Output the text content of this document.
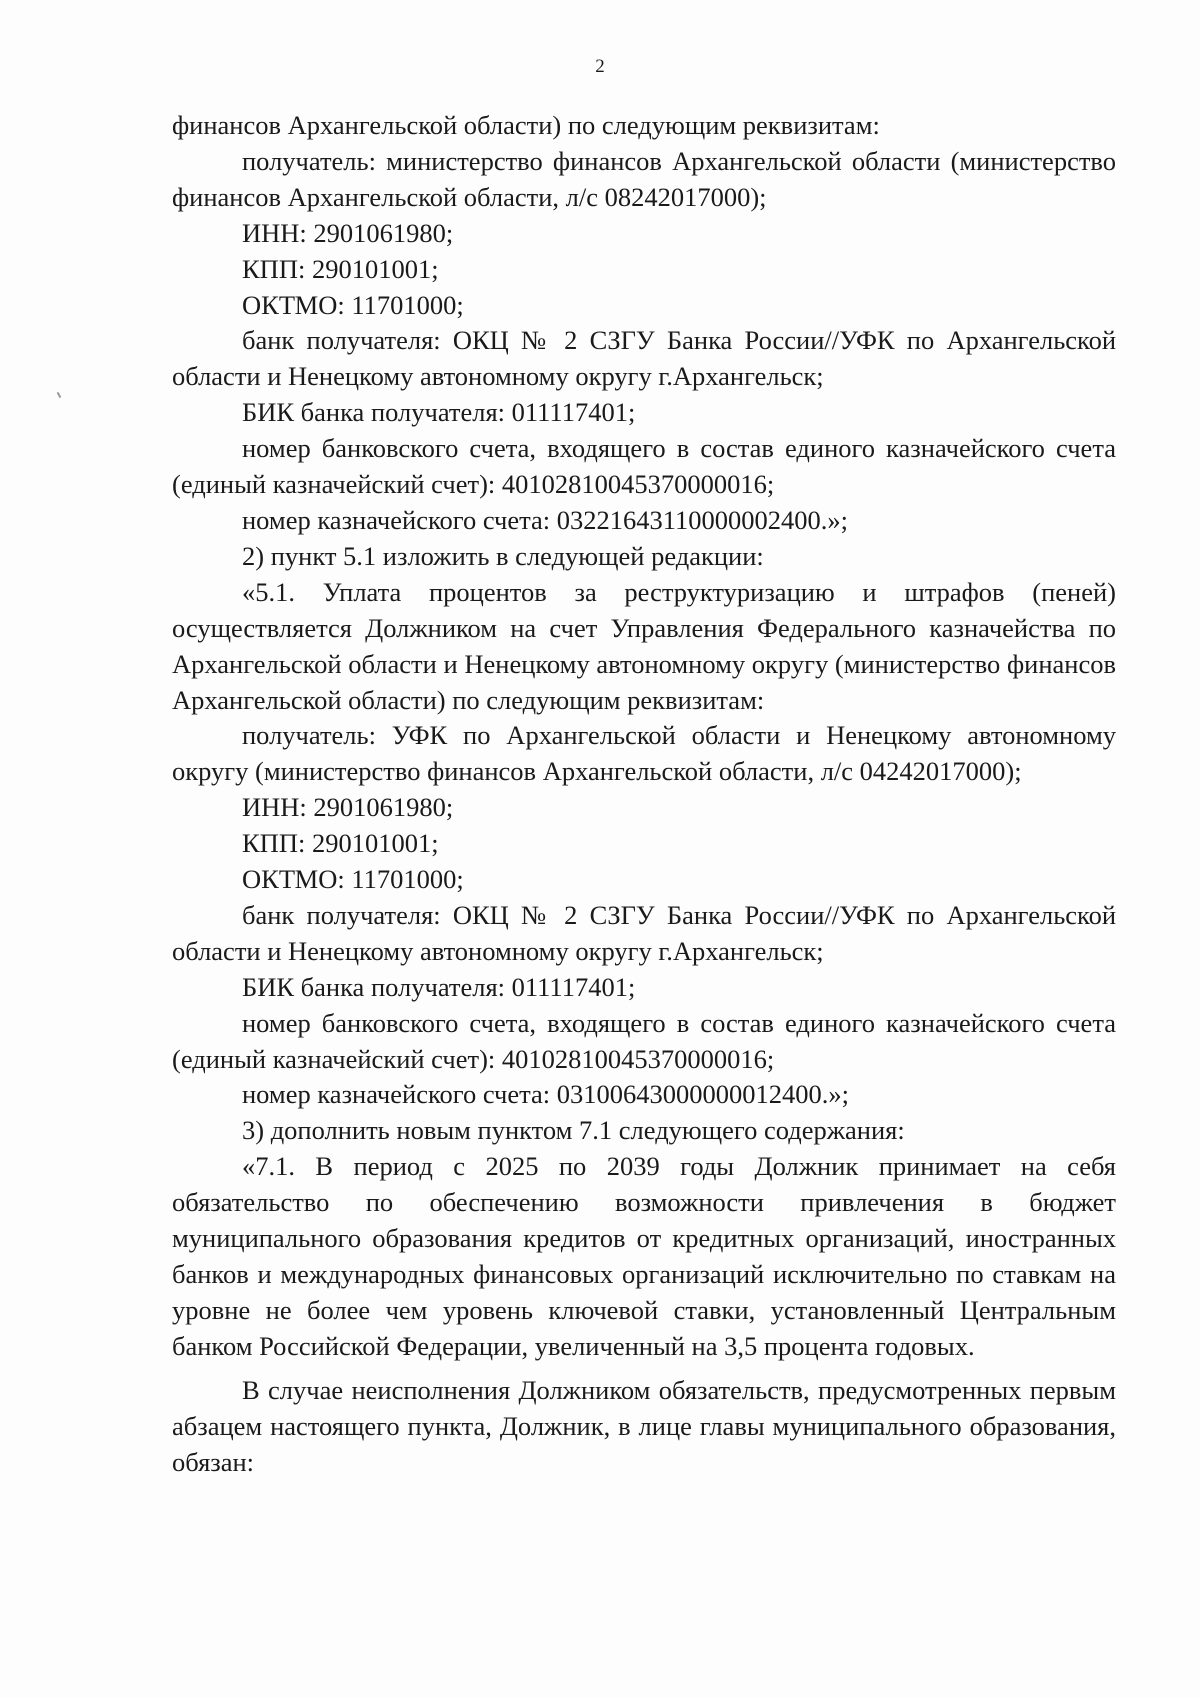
2

финансов Архангельской области) по следующим реквизитам:

получатель: министерство финансов Архангельской области (министерство финансов Архангельской области, л/с 08242017000);

ИНН: 2901061980;

КПП: 290101001;

ОКТМО: 11701000;

банк получателя: ОКЦ № 2 СЗГУ Банка России//УФК по Архангельской области и Ненецкому автономному округу г.Архангельск;

БИК банка получателя: 011117401;

номер банковского счета, входящего в состав единого казначейского счета (единый казначейский счет): 40102810045370000016;

номер казначейского счета: 03221643110000002400.»;

2) пункт 5.1 изложить в следующей редакции:

«5.1. Уплата процентов за реструктуризацию и штрафов (пеней) осуществляется Должником на счет Управления Федерального казначейства по Архангельской области и Ненецкому автономному округу (министерство финансов Архангельской области) по следующим реквизитам:

получатель: УФК по Архангельской области и Ненецкому автономному округу (министерство финансов Архангельской области, л/с 04242017000);

ИНН: 2901061980;

КПП: 290101001;

ОКТМО: 11701000;

банк получателя: ОКЦ № 2 СЗГУ Банка России//УФК по Архангельской области и Ненецкому автономному округу г.Архангельск;

БИК банка получателя: 011117401;

номер банковского счета, входящего в состав единого казначейского счета (единый казначейский счет): 40102810045370000016;

номер казначейского счета: 03100643000000012400.»;

3) дополнить новым пунктом 7.1 следующего содержания:

«7.1. В период с 2025 по 2039 годы Должник принимает на себя обязательство по обеспечению возможности привлечения в бюджет муниципального образования кредитов от кредитных организаций, иностранных банков и международных финансовых организаций исключительно по ставкам на уровне не более чем уровень ключевой ставки, установленный Центральным банком Российской Федерации, увеличенный на 3,5 процента годовых.

В случае неисполнения Должником обязательств, предусмотренных первым абзацем настоящего пункта, Должник, в лице главы муниципального образования, обязан:
